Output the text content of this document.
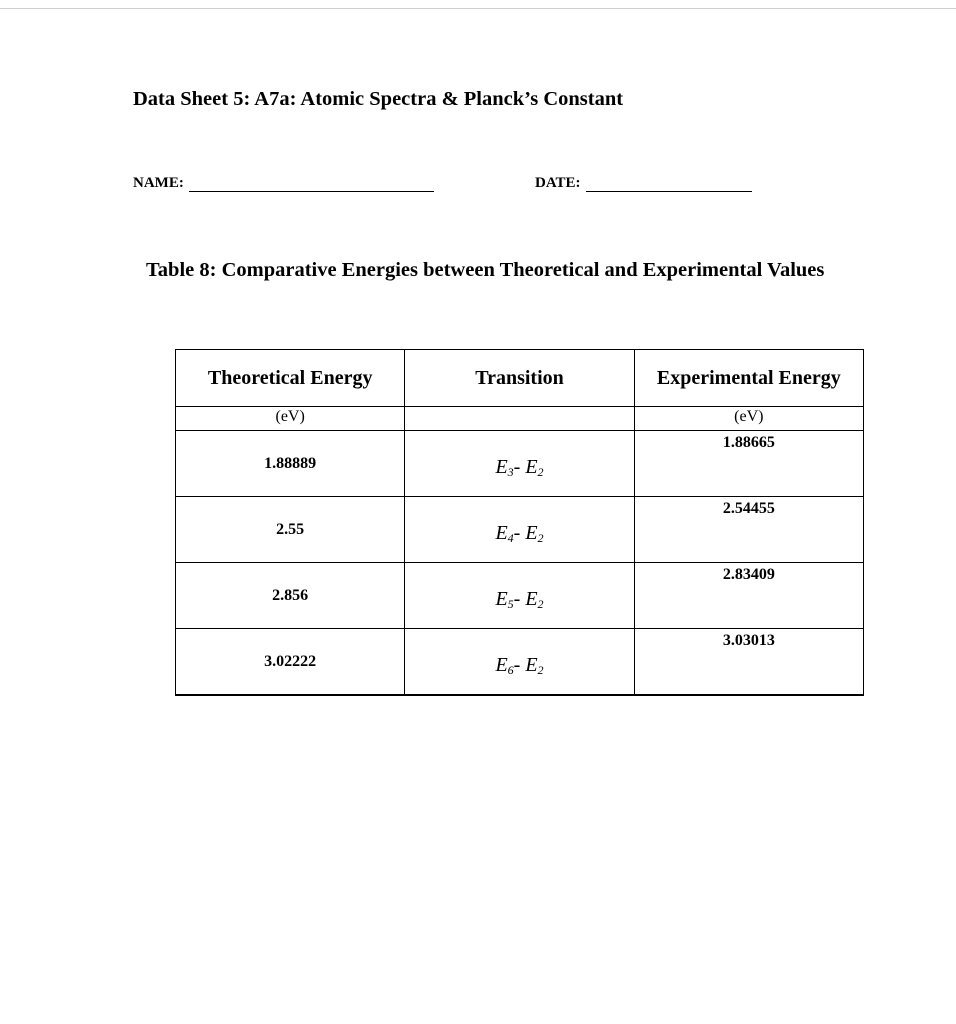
Data Sheet 5: A7a: Atomic Spectra & Planck’s Constant
NAME:	DATE:
Table 8: Comparative Energies between Theoretical and Experimental Values
Theoretical Energy	Transition	Experimental Energy
(eV)		(eV)
1.88889	$E_3-$ $E_2$	1.88665
2.55	$E_4-$ $E_2$	2.54455
2.856	$E_5-$ $E_2$	2.83409
3.02222	$E_6-$ $E_2$	3.03013
